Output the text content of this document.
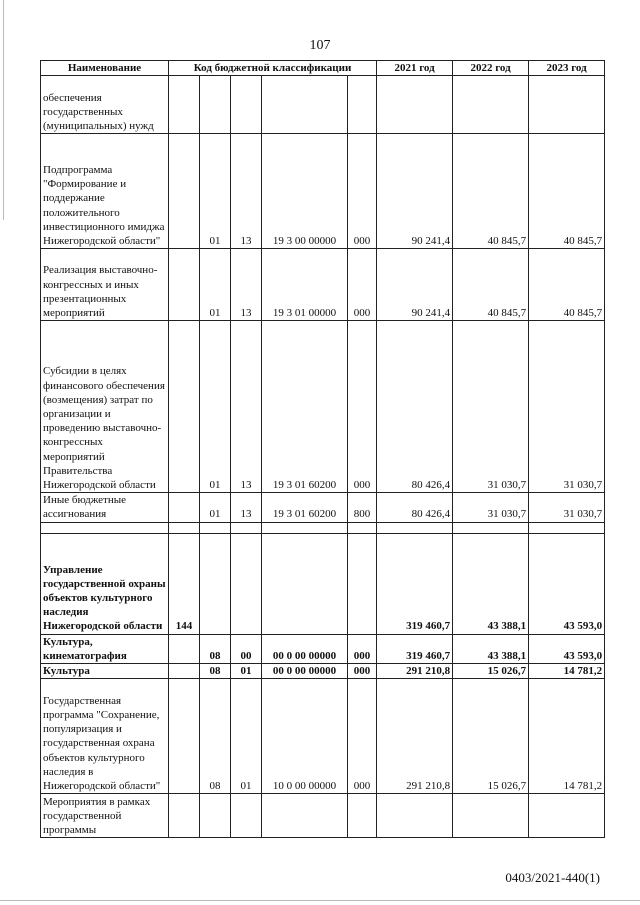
107
Наименование	Код бюджетной классификации					2021 год	2022 год	2023 год
обеспечения государственных (муниципальных) нужд								
Подпрограмма "Формирование и поддержание положительного инвестиционного имиджа Нижегородской области"		01	13	19 3 00 00000	000	90 241,4	40 845,7	40 845,7
Реализация выставочно-конгрессных и иных презентационных мероприятий		01	13	19 3 01 00000	000	90 241,4	40 845,7	40 845,7
Субсидии в целях финансового обеспечения (возмещения) затрат по организации и проведению выставочно-конгрессных мероприятий Правительства Нижегородской области		01	13	19 3 01 60200	000	80 426,4	31 030,7	31 030,7
Иные бюджетные ассигнования		01	13	19 3 01 60200	800	80 426,4	31 030,7	31 030,7

Управление государственной охраны объектов культурного наследия Нижегородской области	144					319 460,7	43 388,1	43 593,0
Культура, кинематография		08	00	00 0 00 00000	000	319 460,7	43 388,1	43 593,0
Культура		08	01	00 0 00 00000	000	291 210,8	15 026,7	14 781,2
Государственная программа "Сохранение, популяризация и государственная охрана объектов культурного наследия в Нижегородской области"		08	01	10 0 00 00000	000	291 210,8	15 026,7	14 781,2
Мероприятия в рамках государственной программы								
0403/2021-440(1)
